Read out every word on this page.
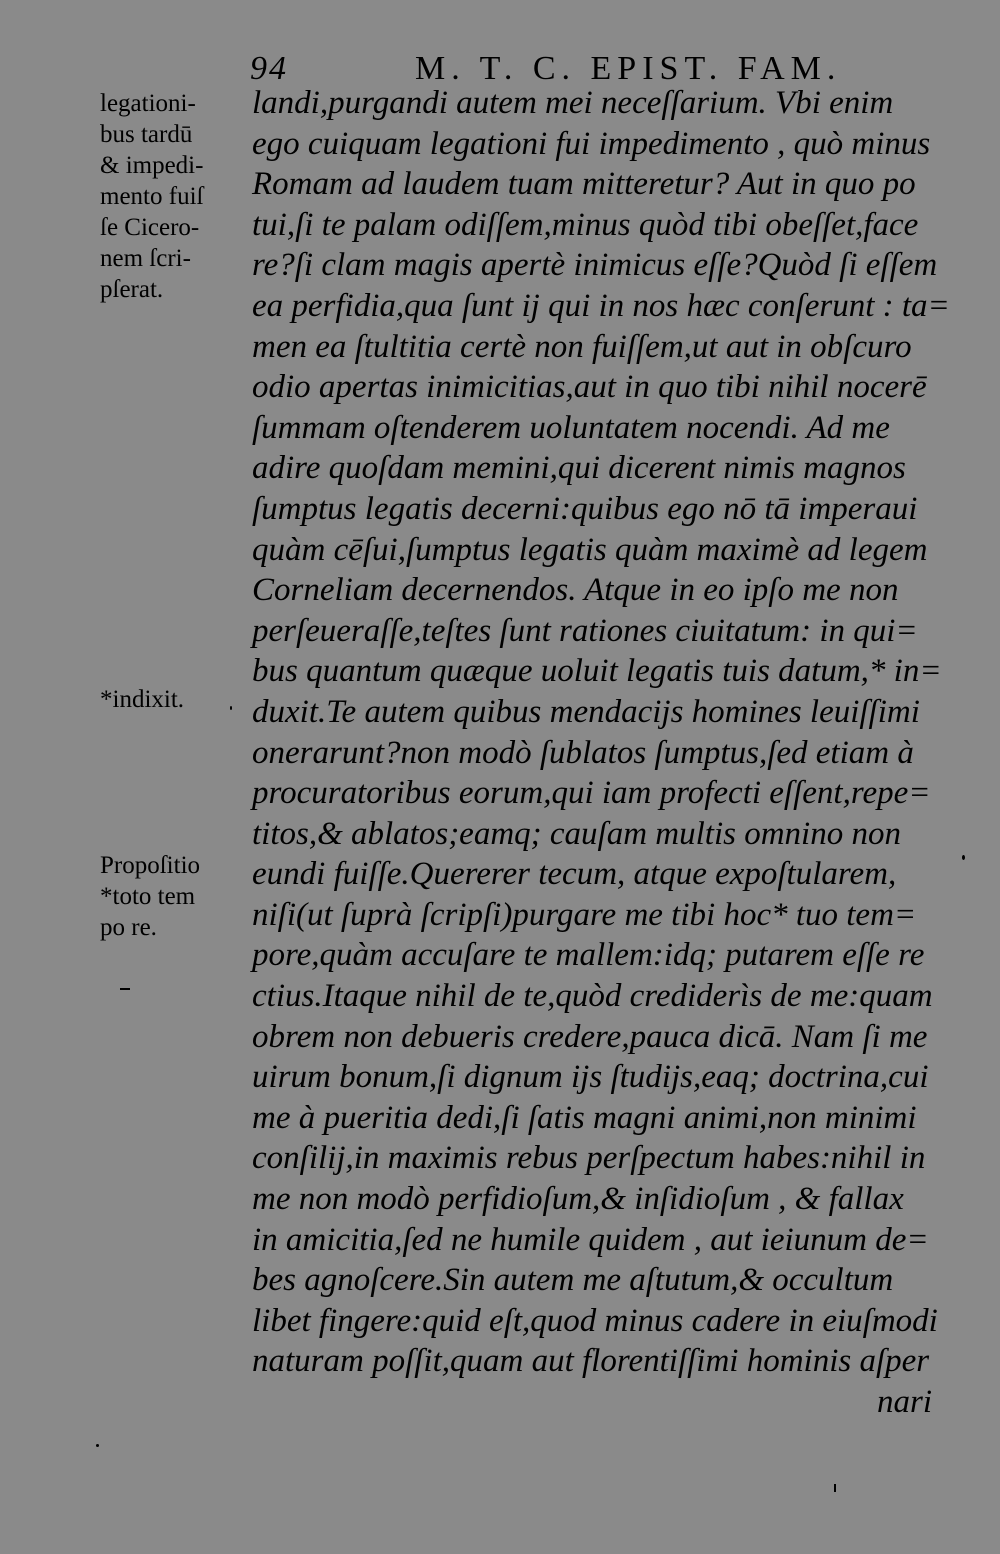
94	M. T. C. EPIST. FAM.
legationi-
bus tardū
& impedi-
mento fuiſ
ſe Cicero-
nem ſcri-
pſerat.
*indixit.
Propoſitio
*toto tem
po re.
landi,purgandi autem mei neceſſarium. Vbi enim
ego cuiquam legationi fui impedimento , quò minus
Romam ad laudem tuam mitteretur? Aut in quo po
tui,ſi te palam odiſſem,minus quòd tibi obeſſet,face
re?ſi clam magis apertè inimicus eſſe?Quòd ſi eſſem
ea perfidia,qua ſunt ij qui in nos hæc conſerunt : ta=
men ea ſtultitia certè non fuiſſem,ut aut in obſcuro
odio apertas inimicitias,aut in quo tibi nihil nocerē
ſummam oſtenderem uoluntatem nocendi. Ad me
adire quoſdam memini,qui dicerent nimis magnos
ſumptus legatis decerni:quibus ego nō tā imperaui
quàm cēſui,ſumptus legatis quàm maximè ad legem
Corneliam decernendos. Atque in eo ipſo me non
perſeueraſſe,teſtes ſunt rationes ciuitatum: in qui=
bus quantum quæque uoluit legatis tuis datum,* in=
duxit.Te autem quibus mendacijs homines leuiſſimi
onerarunt?non modò ſublatos ſumptus,ſed etiam à
procuratoribus eorum,qui iam profecti eſſent,repe=
titos,& ablatos;eamq; cauſam multis omnino non
eundi fuiſſe.Quererer tecum, atque expoſtularem,
niſi(ut ſuprà ſcripſi)purgare me tibi hoc* tuo tem=
pore,quàm accuſare te mallem:idq; putarem eſſe re
ctius.Itaque nihil de te,quòd crediderìs de me:quam
obrem non debueris credere,pauca dicā. Nam ſi me
uirum bonum,ſi dignum ijs ſtudijs,eaq; doctrina,cui
me à pueritia dedi,ſi ſatis magni animi,non minimi
conſilij,in maximis rebus perſpectum habes:nihil in
me non modò perfidioſum,& inſidioſum , & fallax
in amicitia,ſed ne humile quidem , aut ieiunum de=
bes agnoſcere.Sin autem me aſtutum,& occultum
libet fingere:quid eſt,quod minus cadere in eiuſmodi
naturam poſſit,quam aut florentiſſimi hominis aſper
nari
